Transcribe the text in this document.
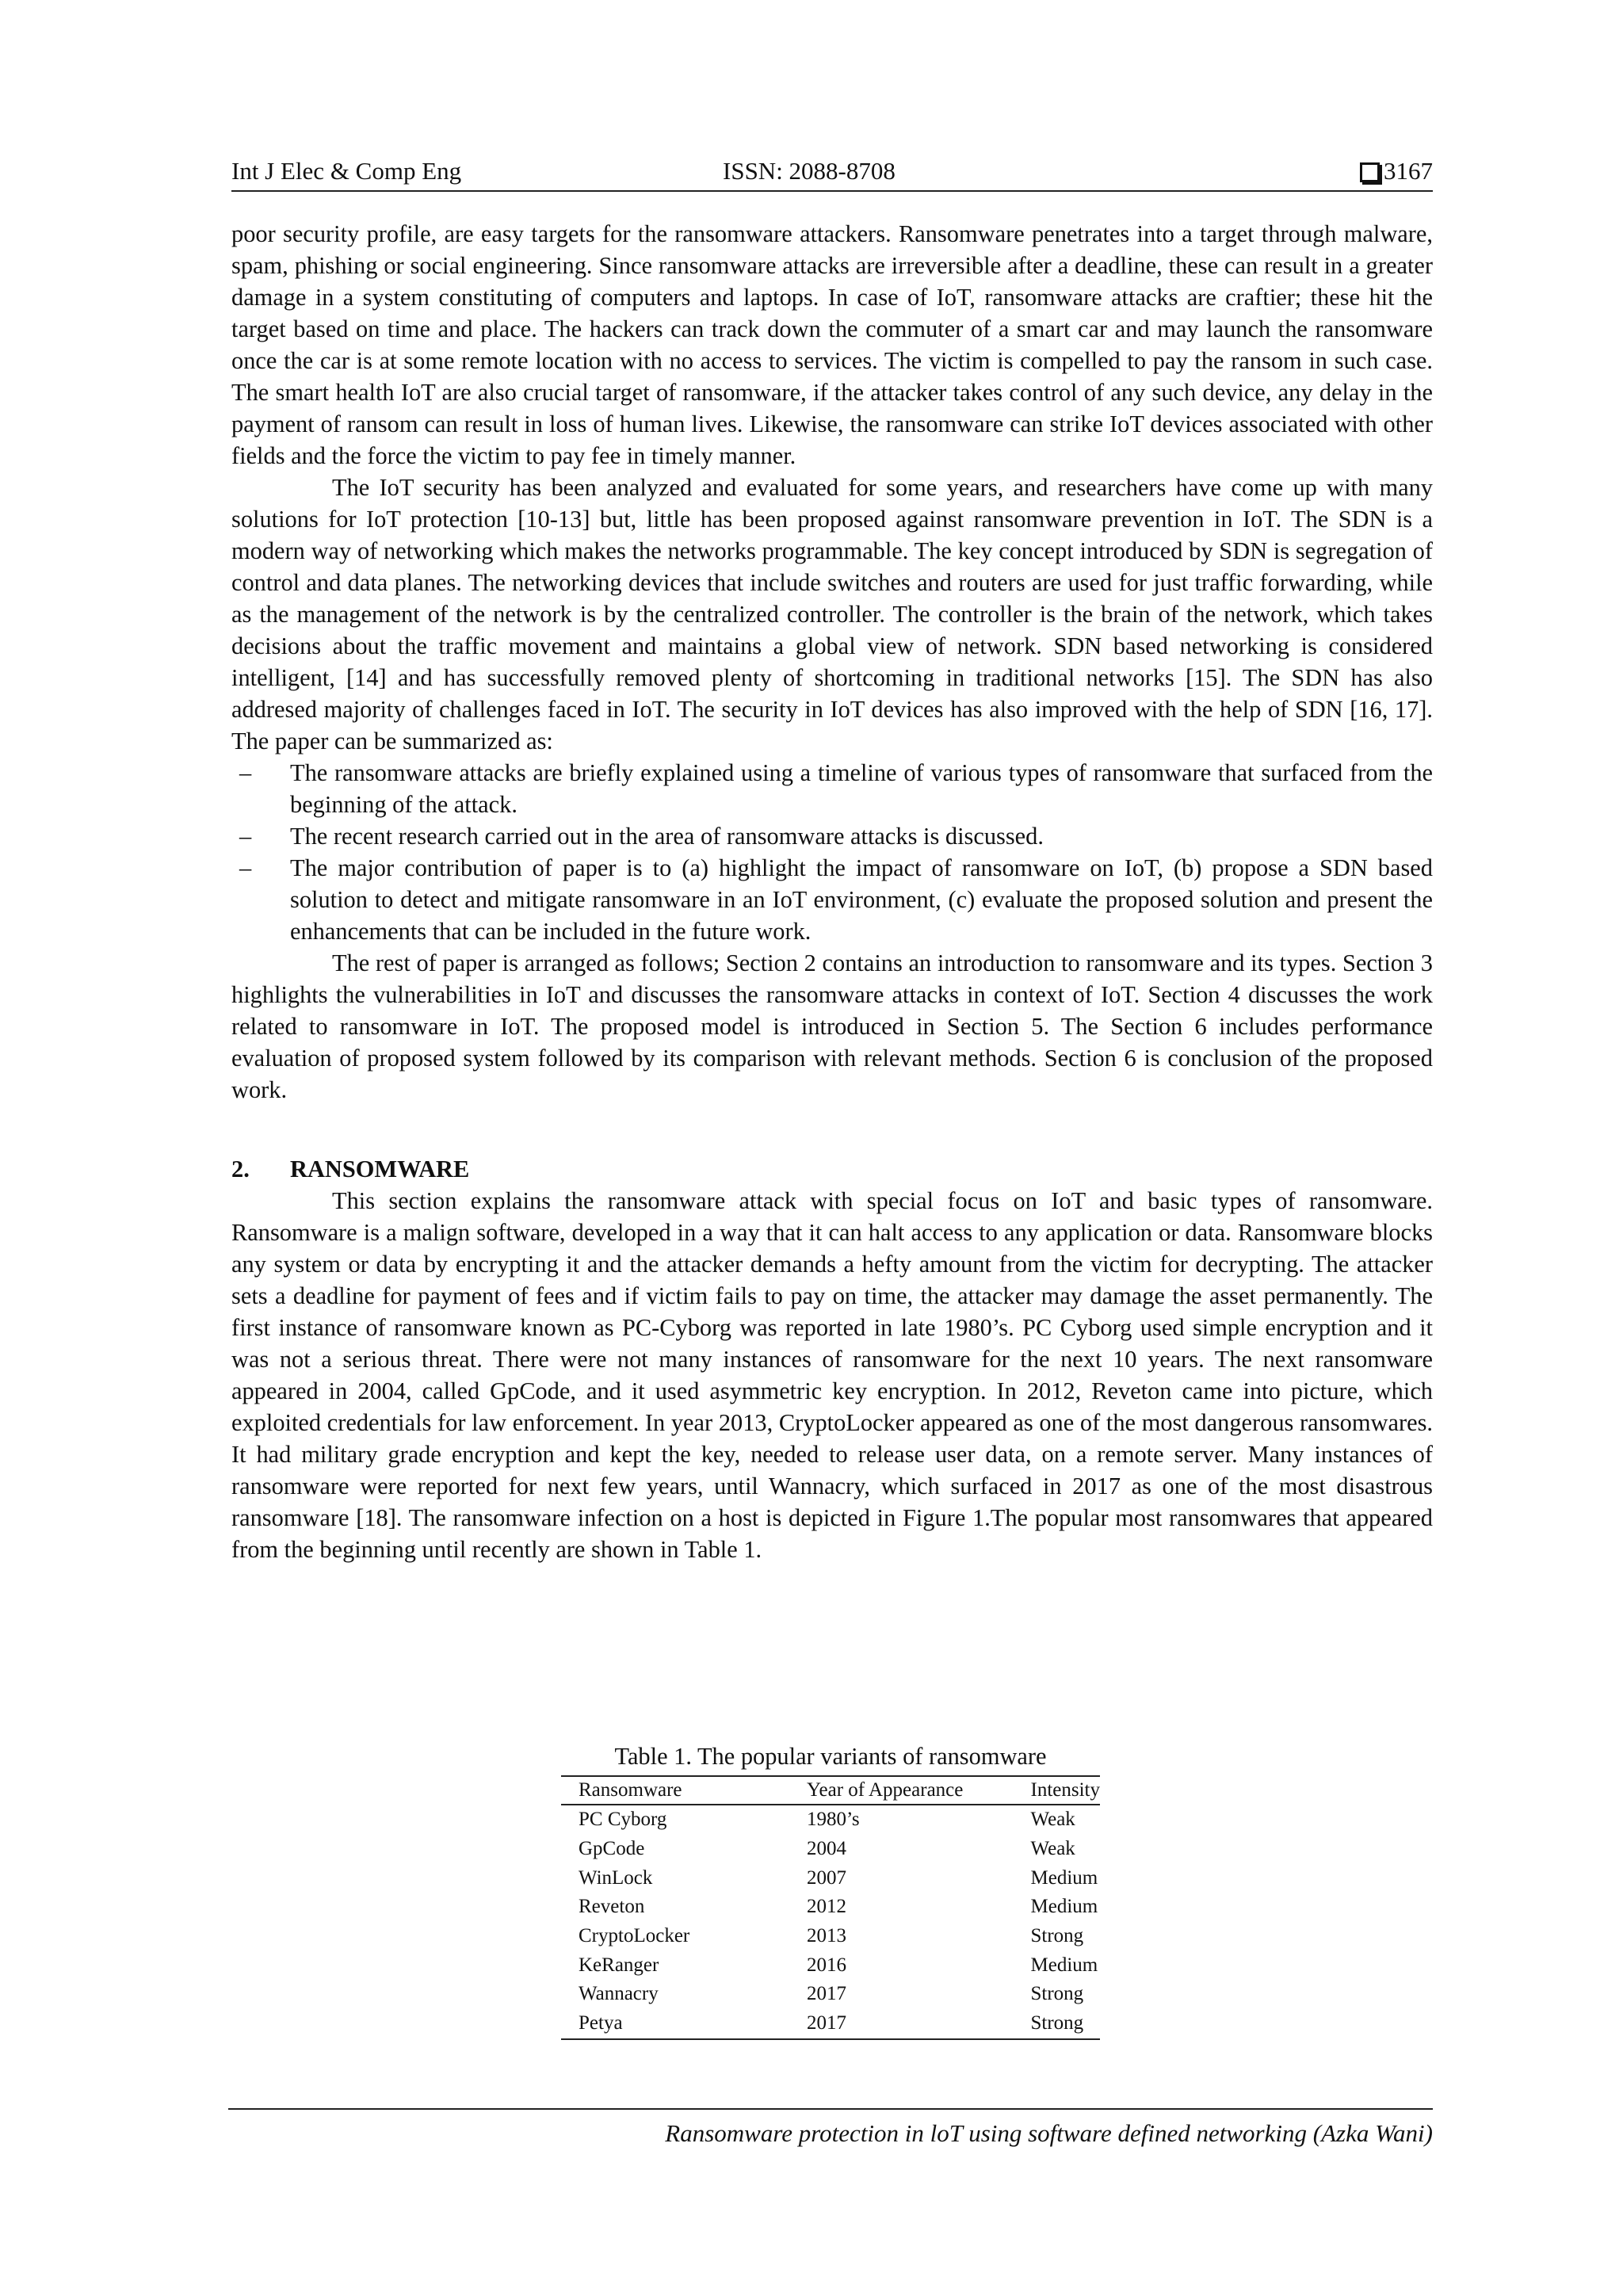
Int J Elec & Comp Eng	ISSN: 2088-8708	3167

poor security profile, are easy targets for the ransomware attackers. Ransomware penetrates into a target through malware, spam, phishing or social engineering. Since ransomware attacks are irreversible after a deadline, these can result in a greater damage in a system constituting of computers and laptops. In case of IoT, ransomware attacks are craftier; these hit the target based on time and place. The hackers can track down the commuter of a smart car and may launch the ransomware once the car is at some remote location with no access to services. The victim is compelled to pay the ransom in such case. The smart health IoT are also crucial target of ransomware, if the attacker takes control of any such device, any delay in the payment of ransom can result in loss of human lives. Likewise, the ransomware can strike IoT devices associated with other fields and the force the victim to pay fee in timely manner.

The IoT security has been analyzed and evaluated for some years, and researchers have come up with many solutions for IoT protection [10-13] but, little has been proposed against ransomware prevention in IoT. The SDN is a modern way of networking which makes the networks programmable. The key concept introduced by SDN is segregation of control and data planes. The networking devices that include switches and routers are used for just traffic forwarding, while as the management of the network is by the centralized controller. The controller is the brain of the network, which takes decisions about the traffic movement and maintains a global view of network. SDN based networking is considered intelligent, [14] and has successfully removed plenty of shortcoming in traditional networks [15]. The SDN has also addresed majority of challenges faced in IoT. The security in IoT devices has also improved with the help of SDN [16, 17]. The paper can be summarized as:

– The ransomware attacks are briefly explained using a timeline of various types of ransomware that surfaced from the beginning of the attack.
– The recent research carried out in the area of ransomware attacks is discussed.
– The major contribution of paper is to (a) highlight the impact of ransomware on IoT, (b) propose a SDN based solution to detect and mitigate ransomware in an IoT environment, (c) evaluate the proposed solution and present the enhancements that can be included in the future work.

The rest of paper is arranged as follows; Section 2 contains an introduction to ransomware and its types. Section 3 highlights the vulnerabilities in IoT and discusses the ransomware attacks in context of IoT. Section 4 discusses the work related to ransomware in IoT. The proposed model is introduced in Section 5. The Section 6 includes performance evaluation of proposed system followed by its comparison with relevant methods. Section 6 is conclusion of the proposed work.

2. RANSOMWARE

This section explains the ransomware attack with special focus on IoT and basic types of ransomware. Ransomware is a malign software, developed in a way that it can halt access to any application or data. Ransomware blocks any system or data by encrypting it and the attacker demands a hefty amount from the victim for decrypting. The attacker sets a deadline for payment of fees and if victim fails to pay on time, the attacker may damage the asset permanently. The first instance of ransomware known as PC-Cyborg was reported in late 1980’s. PC Cyborg used simple encryption and it was not a serious threat. There were not many instances of ransomware for the next 10 years. The next ransomware appeared in 2004, called GpCode, and it used asymmetric key encryption. In 2012, Reveton came into picture, which exploited credentials for law enforcement. In year 2013, CryptoLocker appeared as one of the most dangerous ransomwares. It had military grade encryption and kept the key, needed to release user data, on a remote server. Many instances of ransomware were reported for next few years, until Wannacry, which surfaced in 2017 as one of the most disastrous ransomware [18]. The ransomware infection on a host is depicted in Figure 1.The popular most ransomwares that appeared from the beginning until recently are shown in Table 1.

Table 1. The popular variants of ransomware
Ransomware	Year of Appearance	Intensity
PC Cyborg	1980’s	Weak
GpCode	2004	Weak
WinLock	2007	Medium
Reveton	2012	Medium
CryptoLocker	2013	Strong
KeRanger	2016	Medium
Wannacry	2017	Strong
Petya	2017	Strong
Ransomware protection in loT using software defined networking (Azka Wani)
